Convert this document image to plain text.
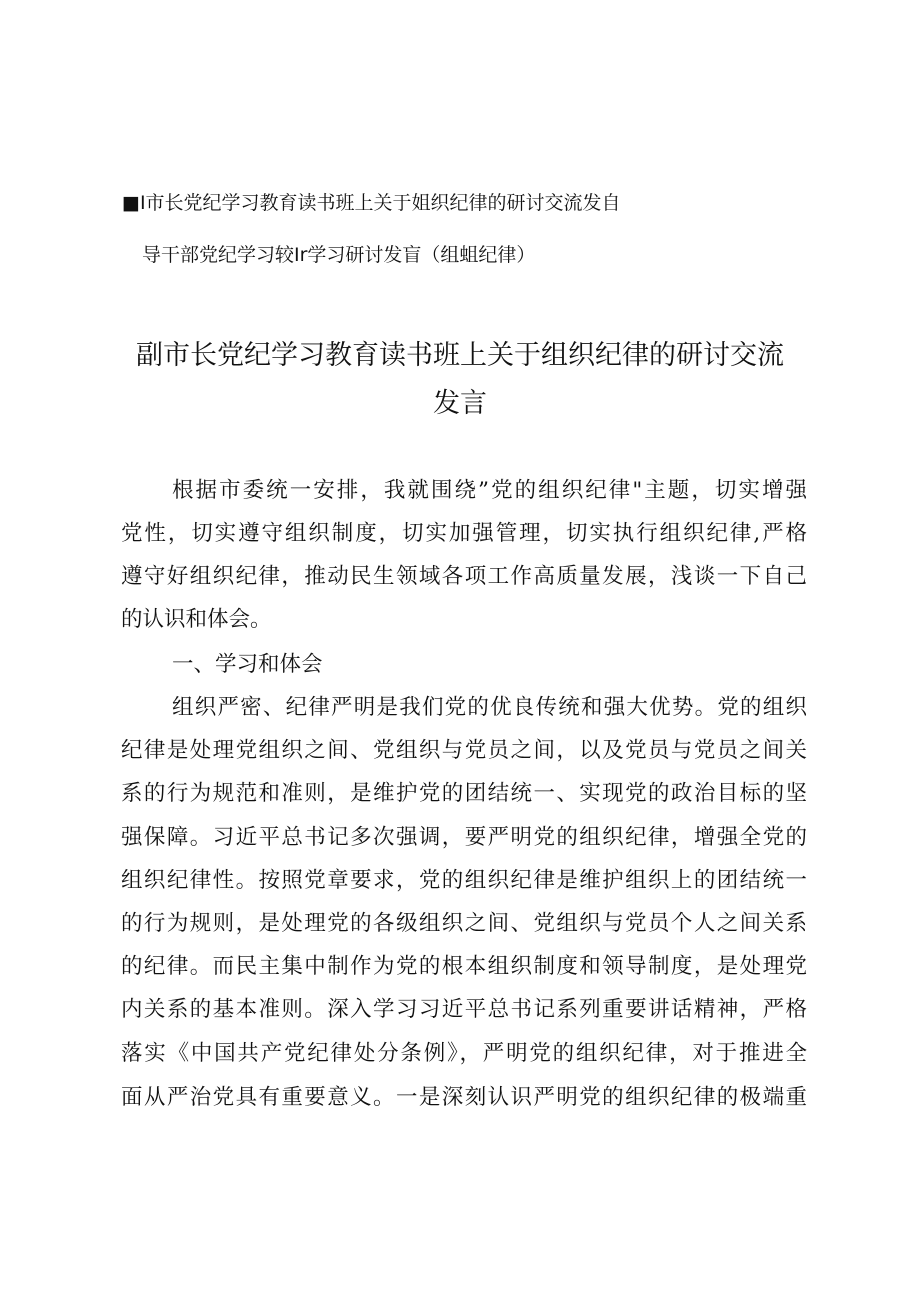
■Ⅰ市长党纪学习教育读书班上关于姐织纪律的研讨交流发自
导干部党纪学习较Ir学习研讨发盲（组蛆纪律）
副市长党纪学习教育读书班上关于组织纪律的研讨交流
发言
根据市委统一安排，我就围绕”党的组织纪律"主题，切实增强
党性，切实遵守组织制度，切实加强管理，切实执行组织纪律,严格
遵守好组织纪律，推动民生领域各项工作高质量发展，浅谈一下自己
的认识和体会。
一、学习和体会
组织严密、纪律严明是我们党的优良传统和强大优势。党的组织
纪律是处理党组织之间、党组织与党员之间，以及党员与党员之间关
系的行为规范和准则，是维护党的团结统一、实现党的政治目标的坚
强保障。习近平总书记多次强调，要严明党的组织纪律，增强全党的
组织纪律性。按照党章要求，党的组织纪律是维护组织上的团结统一
的行为规则，是处理党的各级组织之间、党组织与党员个人之间关系
的纪律。而民主集中制作为党的根本组织制度和领导制度，是处理党
内关系的基本准则。深入学习习近平总书记系列重要讲话精神，严格
落实《中国共产党纪律处分条例》，严明党的组织纪律，对于推进全
面从严治党具有重要意义。一是深刻认识严明党的组织纪律的极端重
